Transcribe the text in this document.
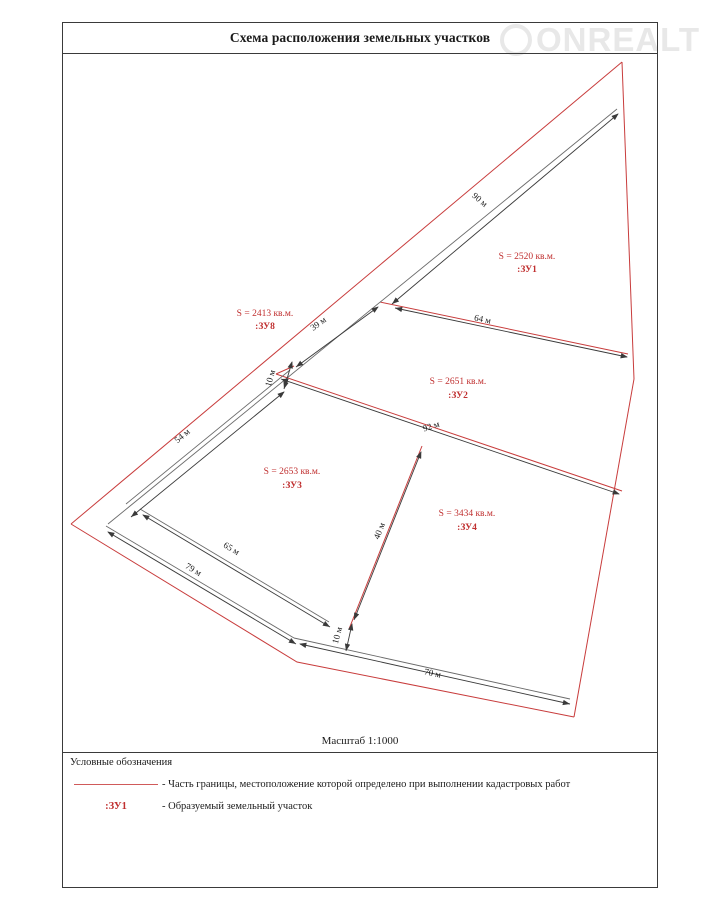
ONREALT
Схема расположения земельных участков
90 м
64 м
39 м
10 м
54 м
92 м
65 м
79 м
40 м
10 м
70 м
S = 2520 кв.м.
:ЗУ1
S = 2413 кв.м.
:ЗУ8
S = 2651 кв.м.
:ЗУ2
S = 2653 кв.м.
:ЗУ3
S = 3434 кв.м.
:ЗУ4
Масштаб 1:1000
Условные обозначения
- Часть границы, местоположение которой определено при выполнении кадастровых работ
:ЗУ1	- Образуемый земельный участок
